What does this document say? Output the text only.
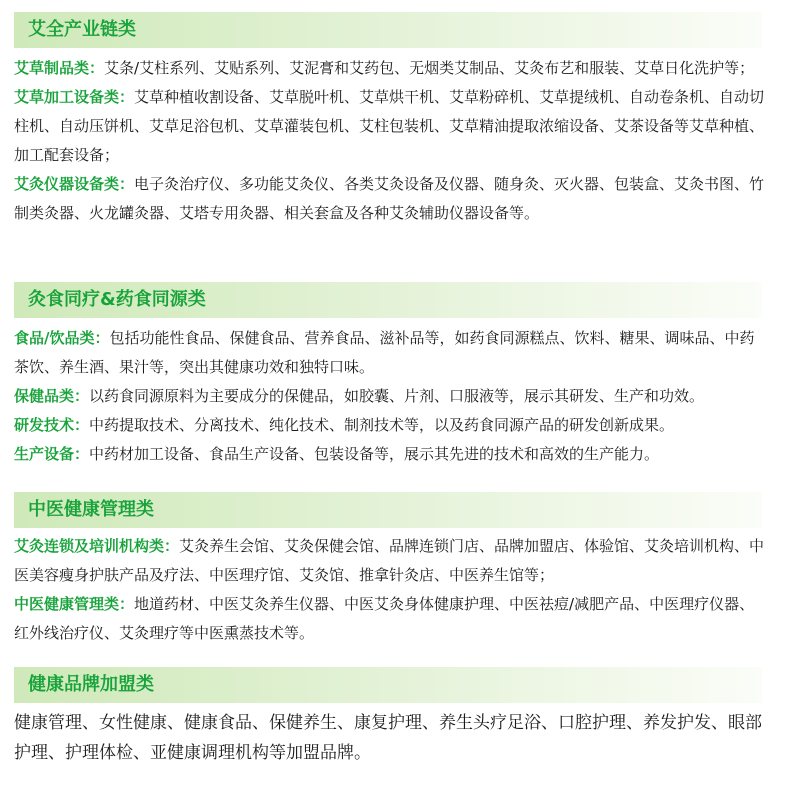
艾全产业链类

艾草制品类：艾条/艾柱系列、艾贴系列、艾泥膏和艾药包、无烟类艾制品、艾灸布艺和服装、艾草日化洗护等；

艾草加工设备类：艾草种植收割设备、艾草脱叶机、艾草烘干机、艾草粉碎机、艾草提绒机、自动卷条机、自动切柱机、自动压饼机、艾草足浴包机、艾草灌装包机、艾柱包装机、艾草精油提取浓缩设备、艾茶设备等艾草种植、加工配套设备；

艾灸仪器设备类：电子灸治疗仪、多功能艾灸仪、各类艾灸设备及仪器、随身灸、灭火器、包装盒、艾灸书图、竹制类灸器、火龙罐灸器、艾塔专用灸器、相关套盒及各种艾灸辅助仪器设备等。

灸食同疗&药食同源类

食品/饮品类：包括功能性食品、保健食品、营养食品、滋补品等，如药食同源糕点、饮料、糖果、调味品、中药茶饮、养生酒、果汁等，突出其健康功效和独特口味。

保健品类：以药食同源原料为主要成分的保健品，如胶囊、片剂、口服液等，展示其研发、生产和功效。

研发技术：中药提取技术、分离技术、纯化技术、制剂技术等，以及药食同源产品的研发创新成果。

生产设备：中药材加工设备、食品生产设备、包装设备等，展示其先进的技术和高效的生产能力。

中医健康管理类

艾灸连锁及培训机构类：艾灸养生会馆、艾灸保健会馆、品牌连锁门店、品牌加盟店、体验馆、艾灸培训机构、中医美容瘦身护肤产品及疗法、中医理疗馆、艾灸馆、推拿针灸店、中医养生馆等；

中医健康管理类：地道药材、中医艾灸养生仪器、中医艾灸身体健康护理、中医祛痘/减肥产品、中医理疗仪器、红外线治疗仪、艾灸理疗等中医熏蒸技术等。

健康品牌加盟类

健康管理、女性健康、健康食品、保健养生、康复护理、养生头疗足浴、口腔护理、养发护发、眼部护理、护理体检、亚健康调理机构等加盟品牌。
